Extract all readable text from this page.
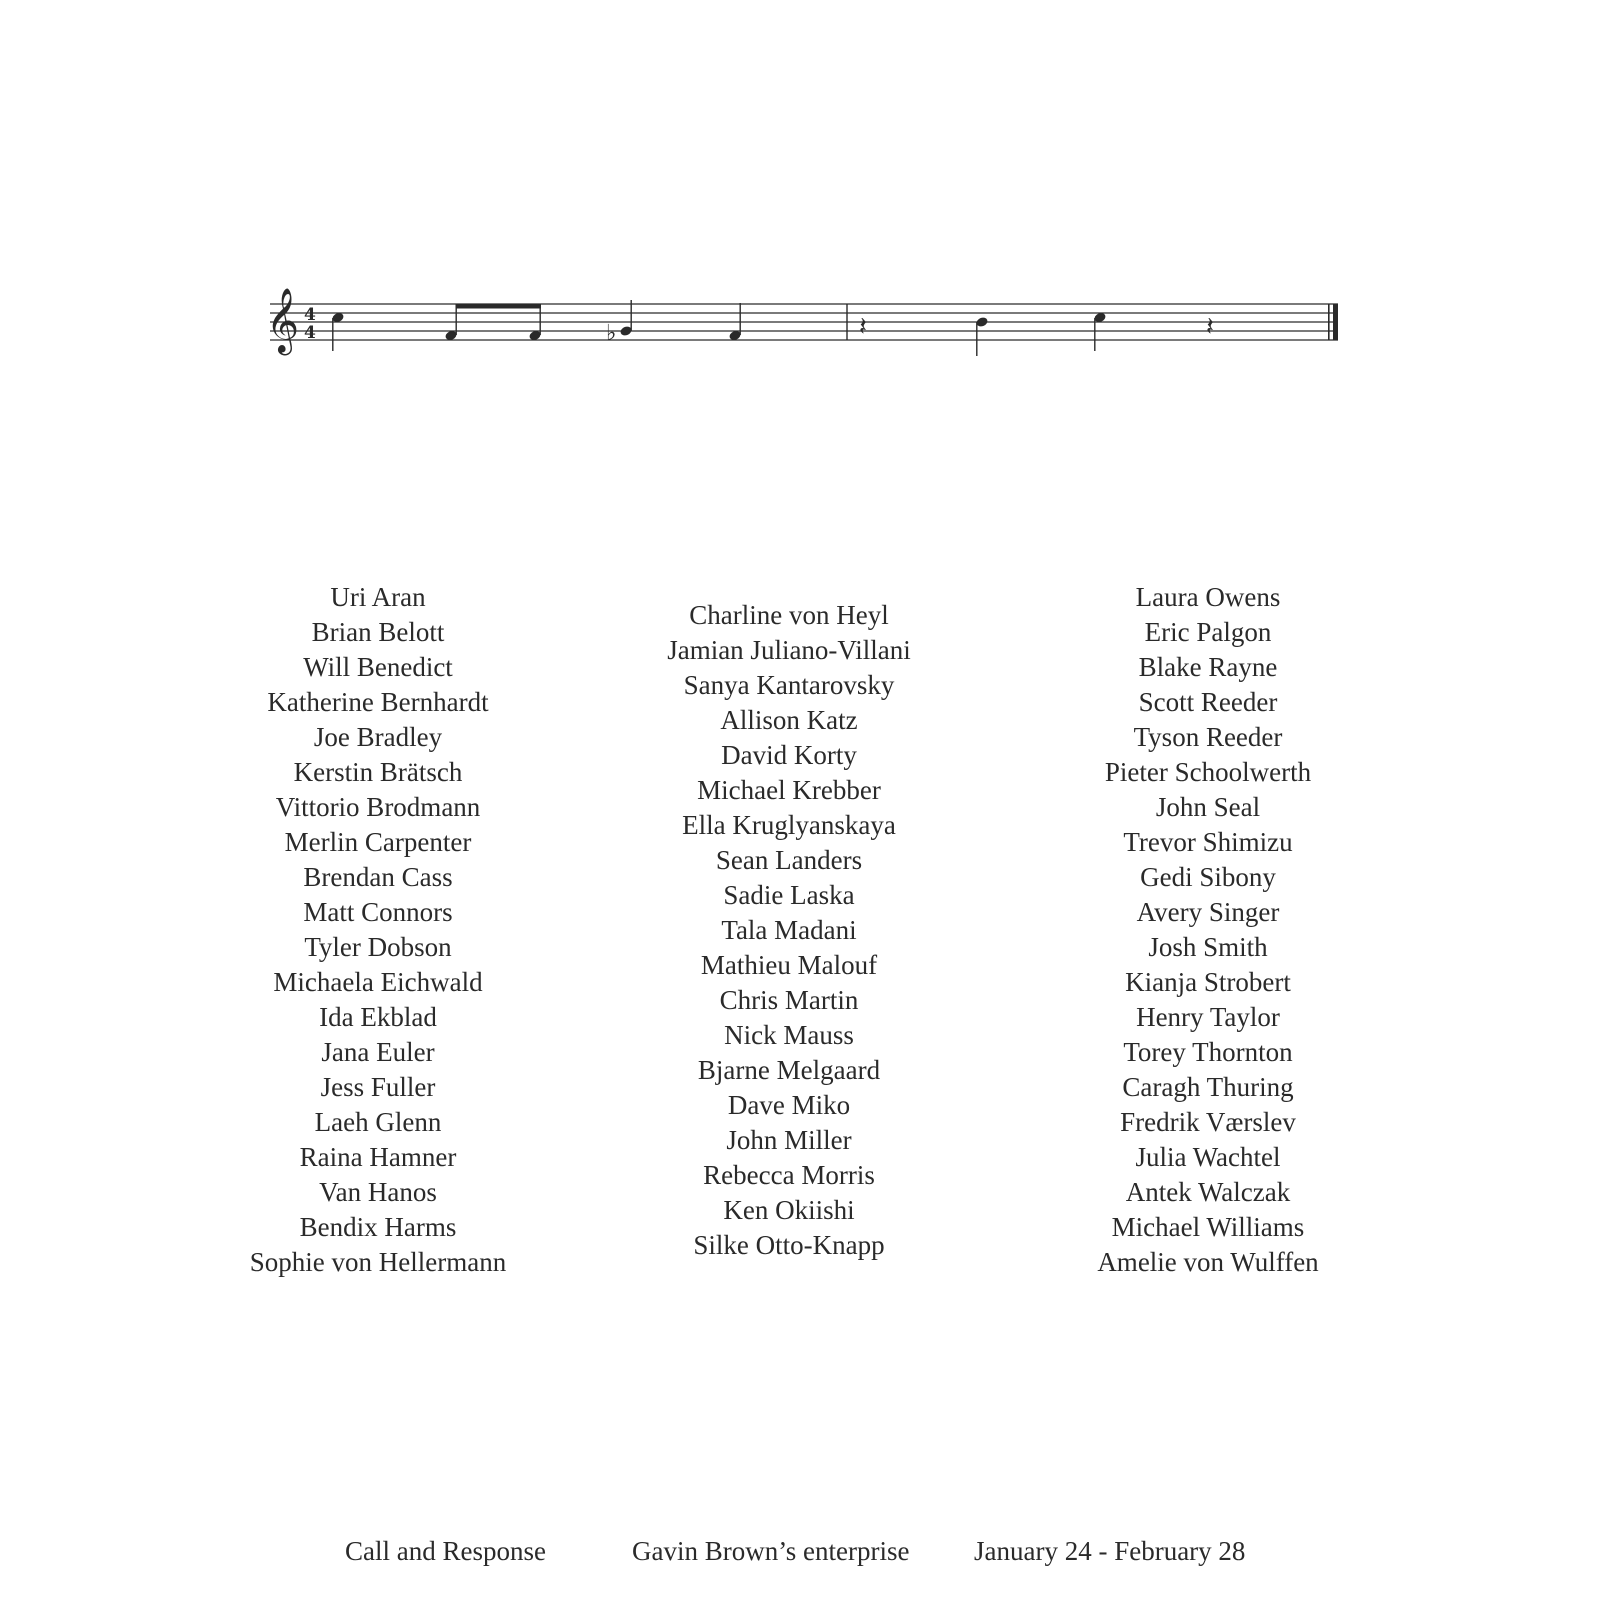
𝄞 4
4	♭	𝄽	𝄽
Uri Aran
Brian Belott
Will Benedict
Katherine Bernhardt
Joe Bradley
Kerstin Brätsch
Vittorio Brodmann
Merlin Carpenter
Brendan Cass
Matt Connors
Tyler Dobson
Michaela Eichwald
Ida Ekblad
Jana Euler
Jess Fuller
Laeh Glenn
Raina Hamner
Van Hanos
Bendix Harms
Sophie von Hellermann
Charline von Heyl
Jamian Juliano-Villani
Sanya Kantarovsky
Allison Katz
David Korty
Michael Krebber
Ella Kruglyanskaya
Sean Landers
Sadie Laska
Tala Madani
Mathieu Malouf
Chris Martin
Nick Mauss
Bjarne Melgaard
Dave Miko
John Miller
Rebecca Morris
Ken Okiishi
Silke Otto-Knapp
Laura Owens
Eric Palgon
Blake Rayne
Scott Reeder
Tyson Reeder
Pieter Schoolwerth
John Seal
Trevor Shimizu
Gedi Sibony
Avery Singer
Josh Smith
Kianja Strobert
Henry Taylor
Torey Thornton
Caragh Thuring
Fredrik Værslev
Julia Wachtel
Antek Walczak
Michael Williams
Amelie von Wulffen
Call and Response	Gavin Brown’s enterprise January 24 - February 28
